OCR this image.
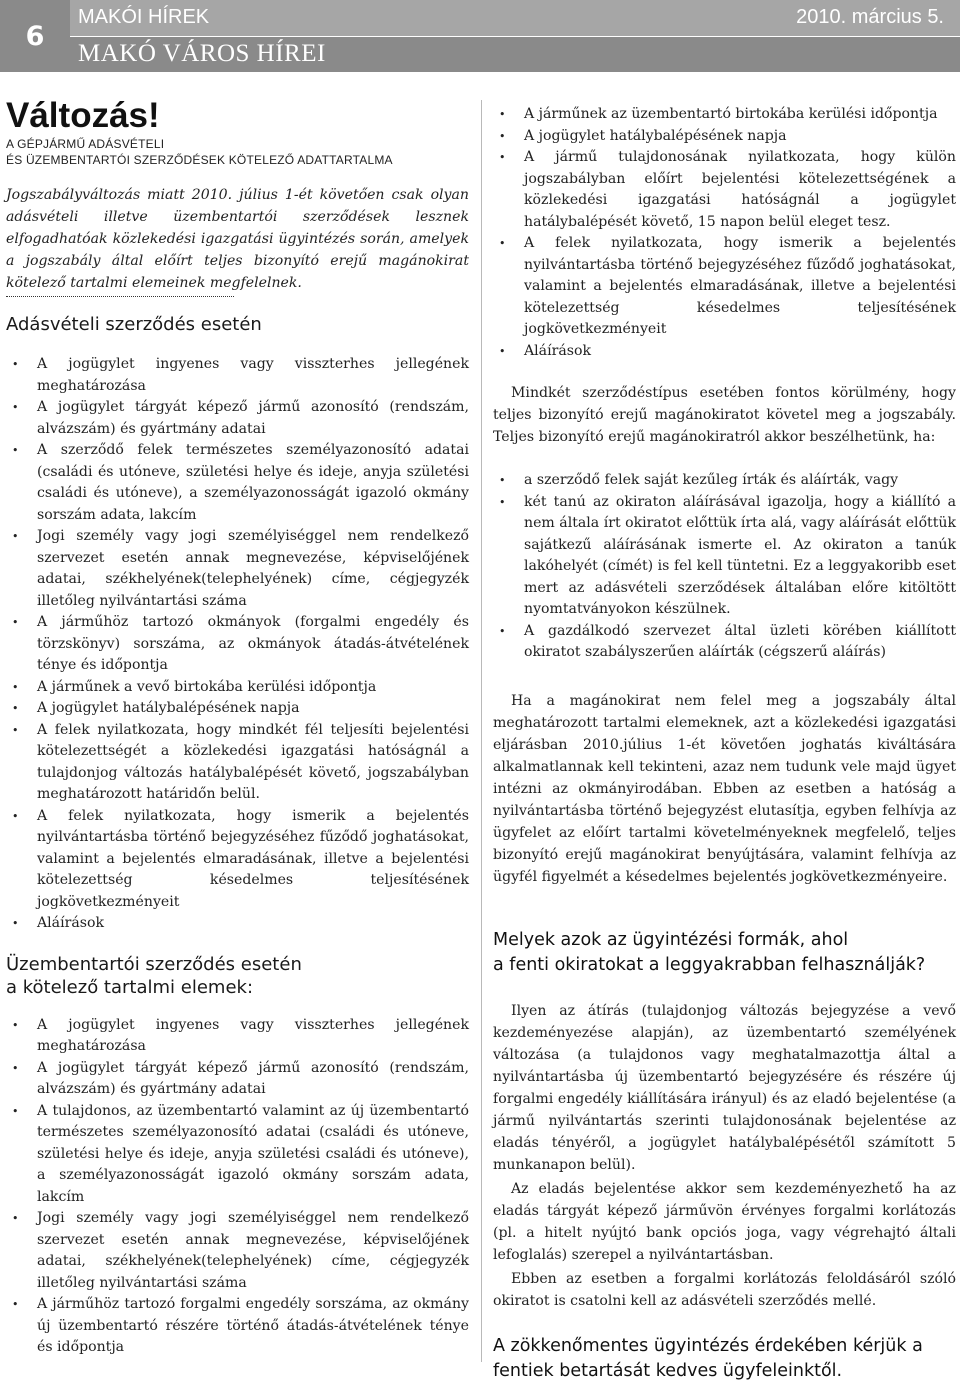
6
MAKÓI HÍREK	2010. március 5.
MAKÓ VÁROS HÍREI
Változás!
A GÉPJÁRMŰ ADÁSVÉTELI
ÉS ÜZEMBENTARTÓI SZERZŐDÉSEK KÖTELEZŐ ADATTARTALMA
Jogszabályváltozás miatt 2010. július 1-ét követően csak olyan adásvételi illetve üzembentartói szerződések lesznek elfogadhatóak közlekedési igazgatási ügyintézés során, amelyek a jogszabály által előírt teljes bizonyító erejű magánokirat kötelező tartalmi elemeinek megfelelnek.
Adásvételi szerződés esetén
• A jogügylet ingyenes vagy visszterhes jellegének meghatározása
• A jogügylet tárgyát képező jármű azonosító (rendszám, alvázszám) és gyártmány adatai
• A szerződő felek természetes személyazonosító adatai (családi és utóneve, születési helye és ideje, anyja születési családi és utóneve), a személyazonosságát igazoló okmány sorszám adata, lakcím
• Jogi személy vagy jogi személyiséggel nem rendelkező szervezet esetén annak megnevezése, képviselőjének adatai, székhelyének(telephelyének) címe, cégjegyzék illetőleg nyilvántartási száma
• A járműhöz tartozó okmányok (forgalmi engedély és törzskönyv) sorszáma, az okmányok átadás-átvételének ténye és időpontja
• A járműnek a vevő birtokába kerülési időpontja
• A jogügylet hatálybalépésének napja
• A felek nyilatkozata, hogy mindkét fél teljesíti bejelentési kötelezettségét a közlekedési igazgatási hatóságnál a tulajdonjog változás hatálybalépését követő, jogszabályban meghatározott határidőn belül.
• A felek nyilatkozata, hogy ismerik a bejelentés nyilvántartásba történő bejegyzéséhez fűződő joghatásokat, valamint a bejelentés elmaradásának, illetve a bejelentési kötelezettség késedelmes teljesítésének jogkövetkezményeit
• Aláírások
Üzembentartói szerződés esetén
a kötelező tartalmi elemek:
• A jogügylet ingyenes vagy visszterhes jellegének meghatározása
• A jogügylet tárgyát képező jármű azonosító (rendszám, alvázszám) és gyártmány adatai
• A tulajdonos, az üzembentartó valamint az új üzembentartó természetes személyazonosító adatai (családi és utóneve, születési helye és ideje, anyja születési családi és utóneve), a személyazonosságát igazoló okmány sorszám adata, lakcím
• Jogi személy vagy jogi személyiséggel nem rendelkező szervezet esetén annak megnevezése, képviselőjének adatai, székhelyének(telephelyének) címe, cégjegyzék illetőleg nyilvántartási száma
• A járműhöz tartozó forgalmi engedély sorszáma, az okmány új üzembentartó részére történő átadás-átvételének ténye és időpontja
• A járműnek az üzembentartó birtokába kerülési időpontja
• A jogügylet hatálybalépésének napja
• A jármű tulajdonosának nyilatkozata, hogy külön jogszabályban előírt bejelentési kötelezettségének a közlekedési igazgatási hatóságnál a jogügylet hatálybalépését követő, 15 napon belül eleget tesz.
• A felek nyilatkozata, hogy ismerik a bejelentés nyilvántartásba történő bejegyzéséhez fűződő joghatásokat, valamint a bejelentés elmaradásának, illetve a bejelentési kötelezettség késedelmes teljesítésének jogkövetkezményeit
• Aláírások

Mindkét szerződéstípus esetében fontos körülmény, hogy teljes bizonyító erejű magánokiratot követel meg a jogszabály. Teljes bizonyító erejű magánokiratról akkor beszélhetünk, ha:

• a szerződő felek saját kezűleg írták és aláírták, vagy
• két tanú az okiraton aláírásával igazolja, hogy a kiállító a nem általa írt okiratot előttük írta alá, vagy aláírását előttük sajátkezű aláírásának ismerte el. Az okiraton a tanúk lakóhelyét (címét) is fel kell tüntetni. Ez a leggyakoribb eset mert az adásvételi szerződések általában előre kitöltött nyomtatványokon készülnek.
• A gazdálkodó szervezet által üzleti körében kiállított okiratot szabályszerűen aláírták (cégszerű aláírás)

Ha a magánokirat nem felel meg a jogszabály által meghatározott tartalmi elemeknek, azt a közlekedési igazgatási eljárásban 2010.július 1-ét követően joghatás kiváltására alkalmatlannak kell tekinteni, azaz nem tudunk vele majd ügyet intézni az okmányirodában. Ebben az esetben a hatóság a nyilvántartásba történő bejegyzést elutasítja, egyben felhívja az ügyfelet az előírt tartalmi követelményeknek megfelelő, teljes bizonyító erejű magánokirat benyújtására, valamint felhívja az ügyfél figyelmét a késedelmes bejelentés jogkövetkezményeire.

Melyek azok az ügyintézési formák, ahol
a fenti okiratokat a leggyakrabban felhasználják?

Ilyen az átírás (tulajdonjog változás bejegyzése a vevő kezdeményezése alapján), az üzembentartó személyének változása (a tulajdonos vagy meghatalmazottja által a nyilvántartásba új üzembentartó bejegyzésére és részére új forgalmi engedély kiállítására irányul) és az eladó bejelentése (a jármű nyilvántartás szerinti tulajdonosának bejelentése az eladás tényéről, a jogügylet hatálybalépésétől számított 5 munkanapon belül).

Az eladás bejelentése akkor sem kezdeményezhető ha az eladás tárgyát képező járművön érvényes forgalmi korlátozás (pl. a hitelt nyújtó bank opciós joga, vagy végrehajtó általi lefoglalás) szerepel a nyilvántartásban.

Ebben az esetben a forgalmi korlátozás feloldásáról szóló okiratot is csatolni kell az adásvételi szerződés mellé.

A zökkenőmentes ügyintézés érdekében kérjük a
fentiek betartását kedves ügyfeleinktől.
